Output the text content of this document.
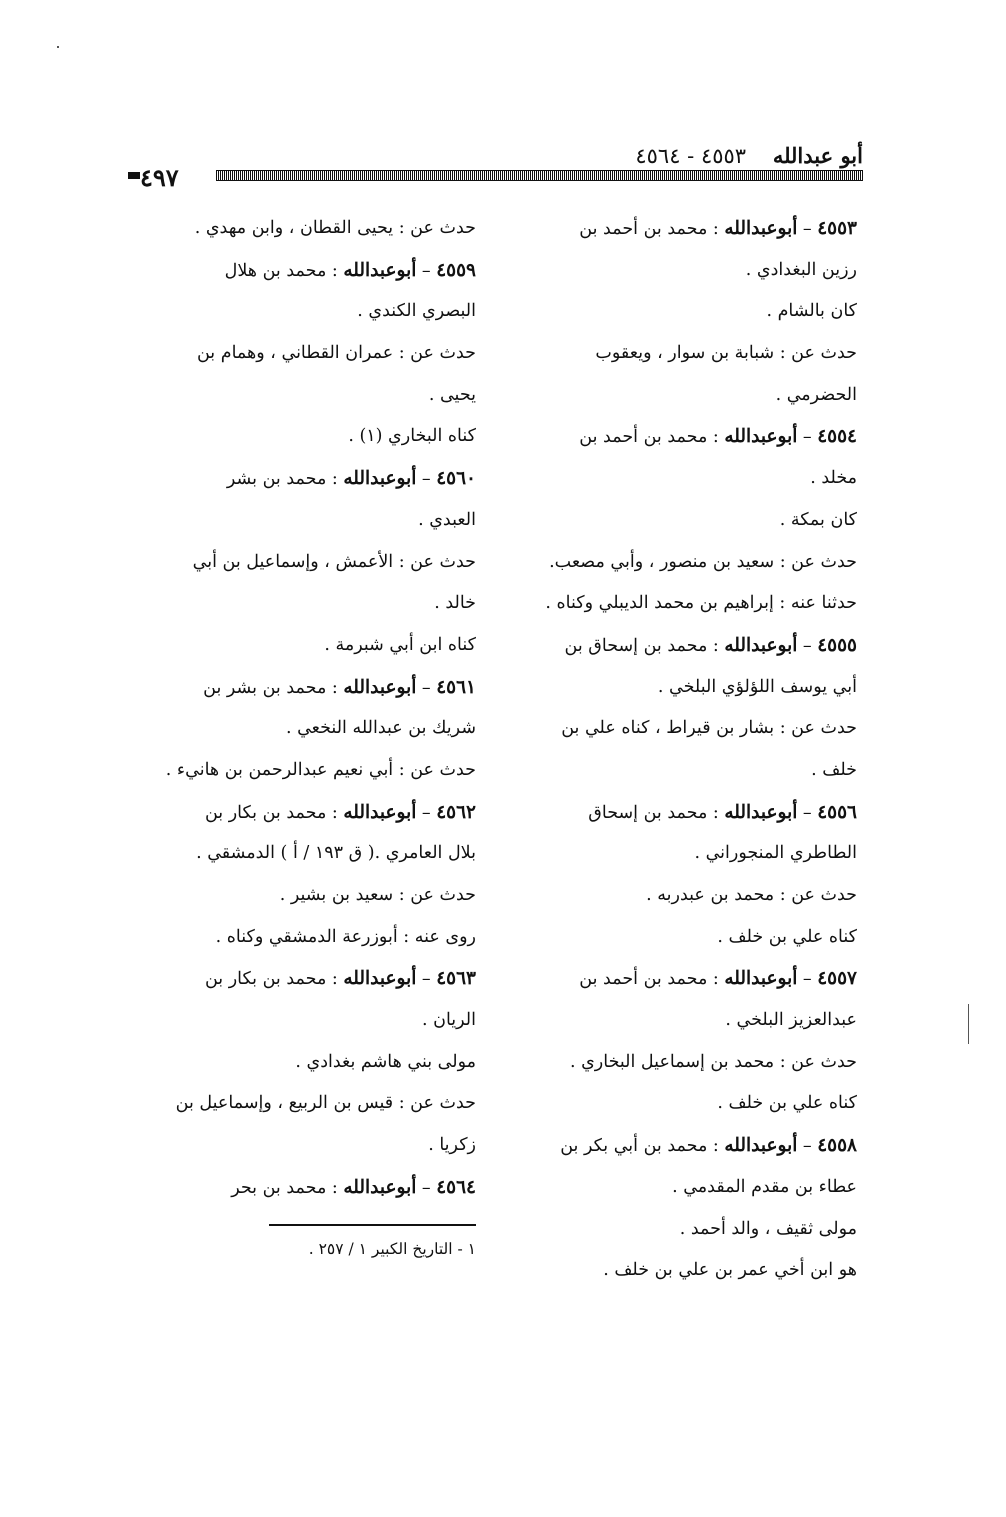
أبو عبدالله    ٤٥٥٣ - ٤٥٦٤
٤٩٧
٤٥٥٣ – أبوعبدالله : محمد بن أحمد بن
رزين البغدادي .
كان بالشام .
حدث عن : شبابة بن سوار ، ويعقوب
الحضرمي .
٤٥٥٤ – أبوعبدالله : محمد بن أحمد بن
مخلد .
كان بمكة .
حدث عن : سعيد بن منصور ، وأبي مصعب.
حدثنا عنه : إبراهيم بن محمد الديبلي وكناه .
٤٥٥٥ – أبوعبدالله : محمد بن إسحاق بن
أبي يوسف اللؤلؤي البلخي .
حدث عن : بشار بن قيراط ، كناه علي بن
خلف .
٤٥٥٦ – أبوعبدالله : محمد بن إسحاق
الطاطري المنجوراني .
حدث عن : محمد بن عبدربه .
كناه علي بن خلف .
٤٥٥٧ – أبوعبدالله : محمد بن أحمد بن
عبدالعزيز البلخي .
حدث عن : محمد بن إسماعيل البخاري .
كناه علي بن خلف .
٤٥٥٨ – أبوعبدالله : محمد بن أبي بكر بن
عطاء بن مقدم المقدمي .
مولى ثقيف ، والد أحمد .
هو ابن أخي عمر بن علي بن خلف .
حدث عن : يحيى القطان ، وابن مهدي .
٤٥٥٩ – أبوعبدالله : محمد بن هلال
البصري الكندي .
حدث عن : عمران القطاني ، وهمام بن
يحيى .
كناه البخاري (١) .
٤٥٦٠ – أبوعبدالله : محمد بن بشر
العبدي .
حدث عن : الأعمش ، وإسماعيل بن أبي
خالد .
كناه ابن أبي شبرمة .
٤٥٦١ – أبوعبدالله : محمد بن بشر بن
شريك بن عبدالله النخعي .
حدث عن : أبي نعيم عبدالرحمن بن هانيء .
٤٥٦٢ – أبوعبدالله : محمد بن بكار بن
بلال العامري .( ق ١٩٣ / أ ) الدمشقي .
حدث عن : سعيد بن بشير .
روى عنه : أبوزرعة الدمشقي وكناه .
٤٥٦٣ – أبوعبدالله : محمد بن بكار بن
الريان .
مولى بني هاشم بغدادي .
حدث عن : قيس بن الربيع ، وإسماعيل بن
زكريا .
٤٥٦٤ – أبوعبدالله : محمد بن بحر
١ - التاريخ الكبير ١ / ٢٥٧ .
